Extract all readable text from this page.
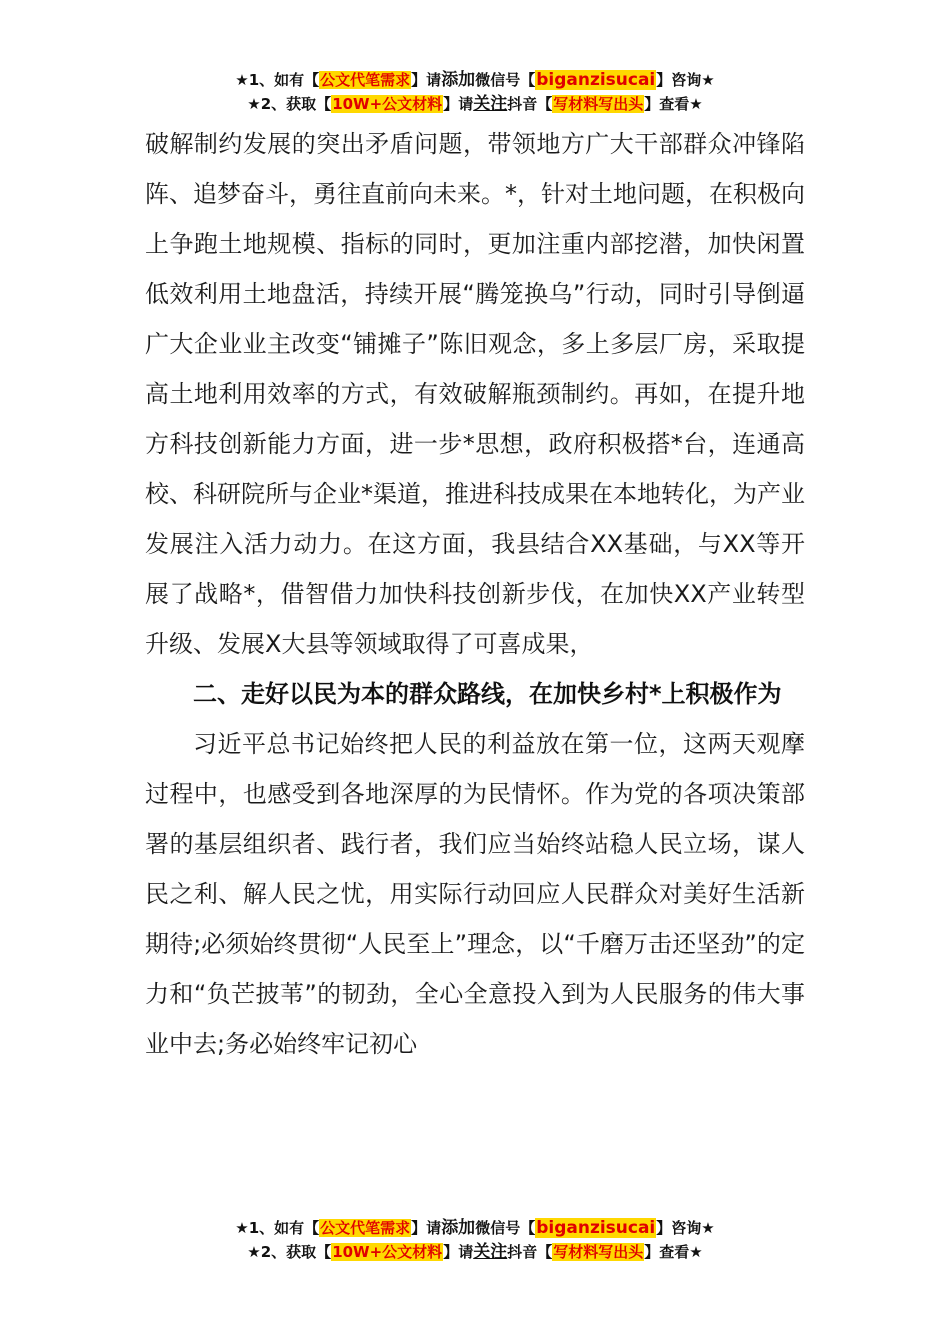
★1、如有【公文代笔需求】请添加微信号【biganzisucai】咨询★
★2、获取【10W+公文材料】请关注抖音【写材料写出头】查看★

破解制约发展的突出矛盾问题，带领地方广大干部群众冲锋陷阵、追梦奋斗，勇往直前向未来。*，针对土地问题，在积极向上争跑土地规模、指标的同时，更加注重内部挖潜，加快闲置低效利用土地盘活，持续开展“腾笼换乌”行动，同时引导倒逼广大企业业主改变“铺摊子”陈旧观念，多上多层厂房，采取提高土地利用效率的方式，有效破解瓶颈制约。再如，在提升地方科技创新能力方面，进一步*思想，政府积极搭*台，连通高校、科研院所与企业*渠道，推进科技成果在本地转化，为产业发展注入活力动力。在这方面，我县结合XX基础，与XX等开展了战略*，借智借力加快科技创新步伐，在加快XX产业转型升级、发展X大县等领域取得了可喜成果，

二、走好以民为本的群众路线，在加快乡村*上积极作为

习近平总书记始终把人民的利益放在第一位，这两天观摩过程中，也感受到各地深厚的为民情怀。作为党的各项决策部署的基层组织者、践行者，我们应当始终站稳人民立场，谋人民之利、解人民之忧，用实际行动回应人民群众对美好生活新期待;必须始终贯彻“人民至上”理念，以“千磨万击还坚劲”的定力和“负芒披苇”的韧劲，全心全意投入到为人民服务的伟大事业中去;务必始终牢记初心

★1、如有【公文代笔需求】请添加微信号【biganzisucai】咨询★
★2、获取【10W+公文材料】请关注抖音【写材料写出头】查看★
